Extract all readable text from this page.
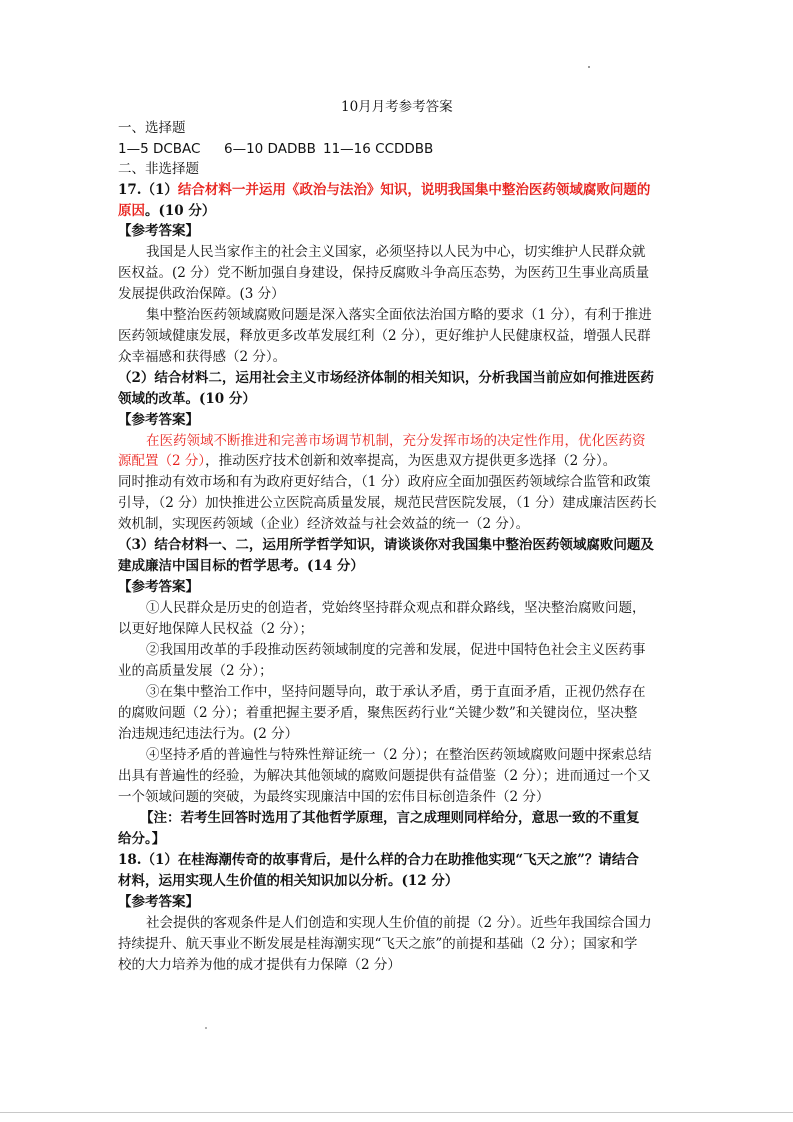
10月月考参考答案
一、选择题
1—5 DCBAC 6—10 DADBB 11—16 CCDDBB
二、非选择题
17.（1）结合材料一并运用《政治与法治》知识，说明我国集中整治医药领域腐败问题的
原因。(10 分）
【参考答案】
我国是人民当家作主的社会主义国家，必须坚持以人民为中心，切实维护人民群众就
医权益。(2 分）党不断加强自身建设，保持反腐败斗争高压态势，为医药卫生事业高质量
发展提供政治保障。(3 分）
集中整治医药领域腐败问题是深入落实全面依法治国方略的要求（1 分），有利于推进
医药领域健康发展，释放更多改革发展红利（2 分），更好维护人民健康权益，增强人民群
众幸福感和获得感（2 分）。
（2）结合材料二，运用社会主义市场经济体制的相关知识，分析我国当前应如何推进医药
领域的改革。(10 分）
【参考答案】
在医药领域不断推进和完善市场调节机制，充分发挥市场的决定性作用，优化医药资
源配置（2 分），推动医疗技术创新和效率提高，为医患双方提供更多选择（2 分）。
同时推动有效市场和有为政府更好结合，（1 分）政府应全面加强医药领域综合监管和政策
引导，（2 分）加快推进公立医院高质量发展，规范民营医院发展，（1 分）建成廉洁医药长
效机制，实现医药领域（企业）经济效益与社会效益的统一（2 分）。
（3）结合材料一、二，运用所学哲学知识，请谈谈你对我国集中整治医药领域腐败问题及
建成廉洁中国目标的哲学思考。(14 分）
【参考答案】
①人民群众是历史的创造者，党始终坚持群众观点和群众路线，坚决整治腐败问题，
以更好地保障人民权益（2 分）；
②我国用改革的手段推动医药领域制度的完善和发展，促进中国特色社会主义医药事
业的高质量发展（2 分）；
③在集中整治工作中，坚持问题导向，敢于承认矛盾，勇于直面矛盾，正视仍然存在
的腐败问题（2 分）；着重把握主要矛盾，聚焦医药行业“关键少数”和关键岗位，坚决整
治违规违纪违法行为。(2 分）
④坚持矛盾的普遍性与特殊性辩证统一（2 分）；在整治医药领域腐败问题中探索总结
出具有普遍性的经验，为解决其他领域的腐败问题提供有益借鉴（2 分）；进而通过一个又
一个领域问题的突破，为最终实现廉洁中国的宏伟目标创造条件（2 分）
【注：若考生回答时选用了其他哲学原理，言之成理则同样给分，意思一致的不重复
给分。】
18.（1）在桂海潮传奇的故事背后，是什么样的合力在助推他实现“飞天之旅”？请结合
材料，运用实现人生价值的相关知识加以分析。(12 分）
【参考答案】
社会提供的客观条件是人们创造和实现人生价值的前提（2 分）。近些年我国综合国力
持续提升、航天事业不断发展是桂海潮实现“飞天之旅”的前提和基础（2 分）；国家和学
校的大力培养为他的成才提供有力保障（2 分）
